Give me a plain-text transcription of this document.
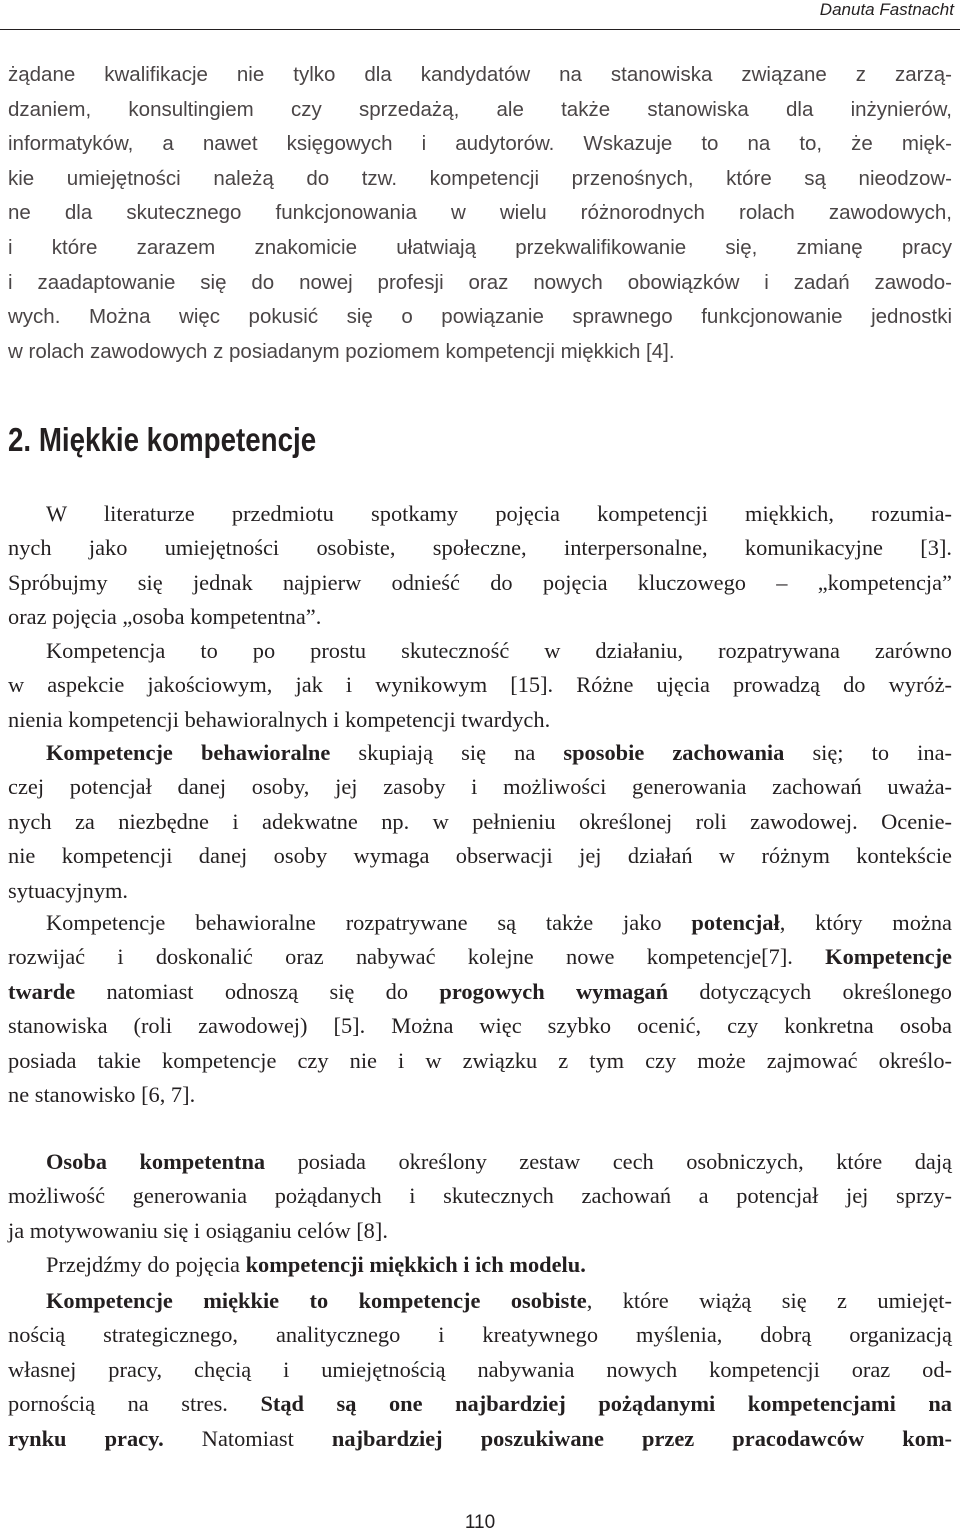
Danuta Fastnacht
żądane kwalifikacje nie tylko dla kandydatów na stanowiska związane z zarzą-
dzaniem, konsultingiem czy sprzedażą, ale także stanowiska dla inżynierów,
informatyków, a nawet księgowych i audytorów. Wskazuje to na to, że mięk-
kie umiejętności należą do tzw. kompetencji przenośnych, które są nieodzow-
ne dla skutecznego funkcjonowania w wielu różnorodnych rolach zawodowych,
i które zarazem znakomicie ułatwiają przekwalifikowanie się, zmianę pracy
i zaadaptowanie się do nowej profesji oraz nowych obowiązków i zadań zawodo-
wych. Można więc pokusić się o powiązanie sprawnego funkcjonowanie jednostki
w rolach zawodowych z posiadanym poziomem kompetencji miękkich [4].
2. Miękkie kompetencje
W literaturze przedmiotu spotkamy pojęcia kompetencji miękkich, rozumia-
nych jako umiejętności osobiste, społeczne, interpersonalne, komunikacyjne [3].
Spróbujmy się jednak najpierw odnieść do pojęcia kluczowego – „kompetencja”
oraz pojęcia „osoba kompetentna”.
Kompetencja to po prostu skuteczność w działaniu, rozpatrywana zarówno
w aspekcie jakościowym, jak i wynikowym [15]. Różne ujęcia prowadzą do wyróż-
nienia kompetencji behawioralnych i kompetencji twardych.
Kompetencje behawioralne skupiają się na sposobie zachowania się; to ina-
czej potencjał danej osoby, jej zasoby i możliwości generowania zachowań uważa-
nych za niezbędne i adekwatne np. w pełnieniu określonej roli zawodowej. Ocenie-
nie kompetencji danej osoby wymaga obserwacji jej działań w różnym kontekście
sytuacyjnym.
Kompetencje behawioralne rozpatrywane są także jako potencjał, który można
rozwijać i doskonalić oraz nabywać kolejne nowe kompetencje[7]. Kompetencje
twarde natomiast odnoszą się do progowych wymagań dotyczących określonego
stanowiska (roli zawodowej) [5]. Można więc szybko ocenić, czy konkretna osoba
posiada takie kompetencje czy nie i w związku z tym czy może zajmować określo-
ne stanowisko [6, 7].
Osoba kompetentna posiada określony zestaw cech osobniczych, które dają
możliwość generowania pożądanych i skutecznych zachowań a potencjał jej sprzy-
ja motywowaniu się i osiąganiu celów [8].
Przejdźmy do pojęcia kompetencji miękkich i ich modelu.
Kompetencje miękkie to kompetencje osobiste, które wiążą się z umiejęt-
nością strategicznego, analitycznego i kreatywnego myślenia, dobrą organizacją
własnej pracy, chęcią i umiejętnością nabywania nowych kompetencji oraz od-
pornością na stres. Stąd są one najbardziej pożądanymi kompetencjami na
rynku pracy. Natomiast najbardziej poszukiwane przez pracodawców kom-
110
